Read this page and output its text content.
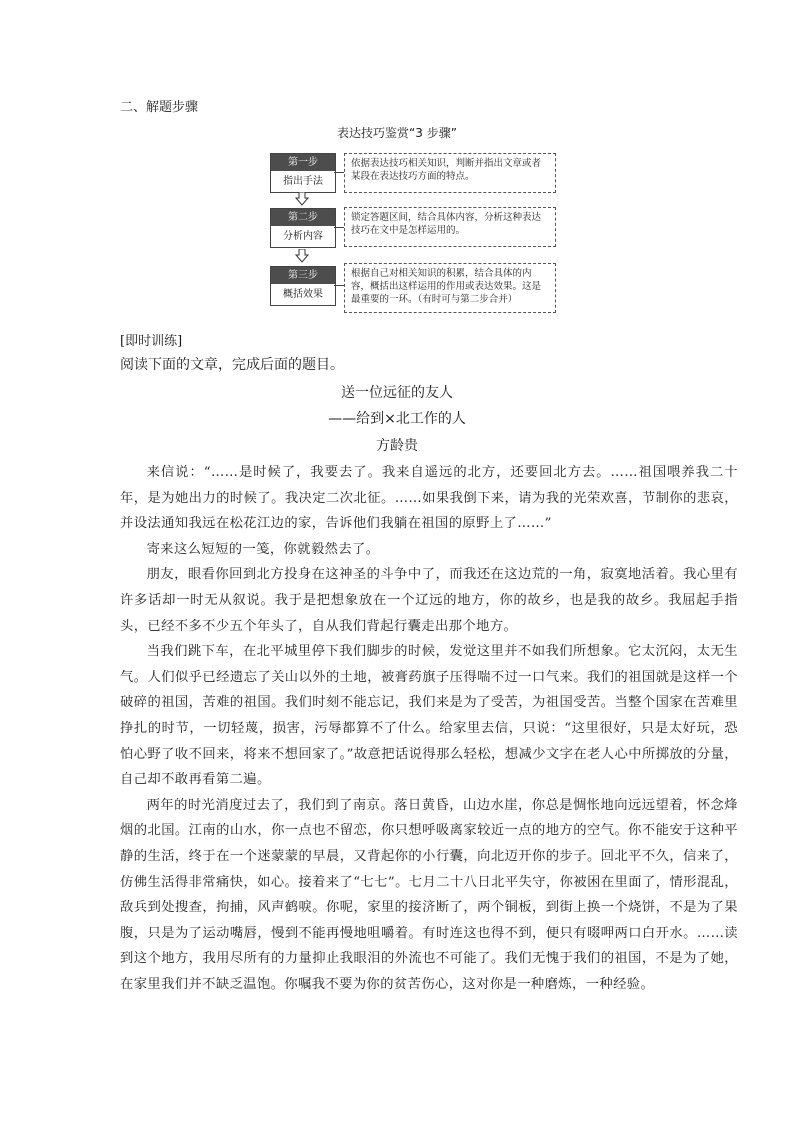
二、解题步骤
表达技巧鉴赏“3 步骤”
第一步
指出手法
依据表达技巧相关知识，判断并指出文章或者某段在表达技巧方面的特点。
第二步
分析内容
锁定答题区间，结合具体内容，分析这种表达技巧在文中是怎样运用的。
第三步
概括效果
根据自己对相关知识的积累，结合具体的内容，概括出这样运用的作用或表达效果。这是最重要的一环。（有时可与第二步合并）
[即时训练]
阅读下面的文章，完成后面的题目。
送一位远征的友人
——给到×北工作的人
方龄贵

来信说：“……是时候了，我要去了。我来自遥远的北方，还要回北方去。……祖国喂养我二十年，是为她出力的时候了。我决定二次北征。……如果我倒下来，请为我的光荣欢喜，节制你的悲哀，并设法通知我远在松花江边的家，告诉他们我躺在祖国的原野上了……”

寄来这么短短的一笺，你就毅然去了。

朋友，眼看你回到北方投身在这神圣的斗争中了，而我还在这边荒的一角，寂寞地活着。我心里有许多话却一时无从叙说。我于是把想象放在一个辽远的地方，你的故乡，也是我的故乡。我屈起手指头，已经不多不少五个年头了，自从我们背起行囊走出那个地方。

当我们跳下车，在北平城里停下我们脚步的时候，发觉这里并不如我们所想象。它太沉闷，太无生气。人们似乎已经遗忘了关山以外的土地，被膏药旗子压得喘不过一口气来。我们的祖国就是这样一个破碎的祖国，苦难的祖国。我们时刻不能忘记，我们来是为了受苦，为祖国受苦。当整个国家在苦难里挣扎的时节，一切轻蔑，损害，污辱都算不了什么。给家里去信，只说：“这里很好，只是太好玩，恐怕心野了收不回来，将来不想回家了。”故意把话说得那么轻松，想减少文字在老人心中所掷放的分量，自己却不敢再看第二遍。

两年的时光消度过去了，我们到了南京。落日黄昏，山边水崖，你总是惆怅地向远远望着，怀念烽烟的北国。江南的山水，你一点也不留恋，你只想呼吸离家较近一点的地方的空气。你不能安于这种平静的生活，终于在一个迷蒙蒙的早晨，又背起你的小行囊，向北迈开你的步子。回北平不久，信来了，仿佛生活得非常痛快，如心。接着来了“七七”。七月二十八日北平失守，你被困在里面了，情形混乱，敌兵到处搜查，拘捕，风声鹤唳。你呢，家里的接济断了，两个铜板，到街上换一个烧饼，不是为了果腹，只是为了运动嘴唇，慢到不能再慢地咀嚼着。有时连这也得不到，便只有啜呷两口白开水。……读到这个地方，我用尽所有的力量抑止我眼泪的外流也不可能了。我们无愧于我们的祖国，不是为了她，在家里我们并不缺乏温饱。你嘱我不要为你的贫苦伤心，这对你是一种磨炼，一种经验。
